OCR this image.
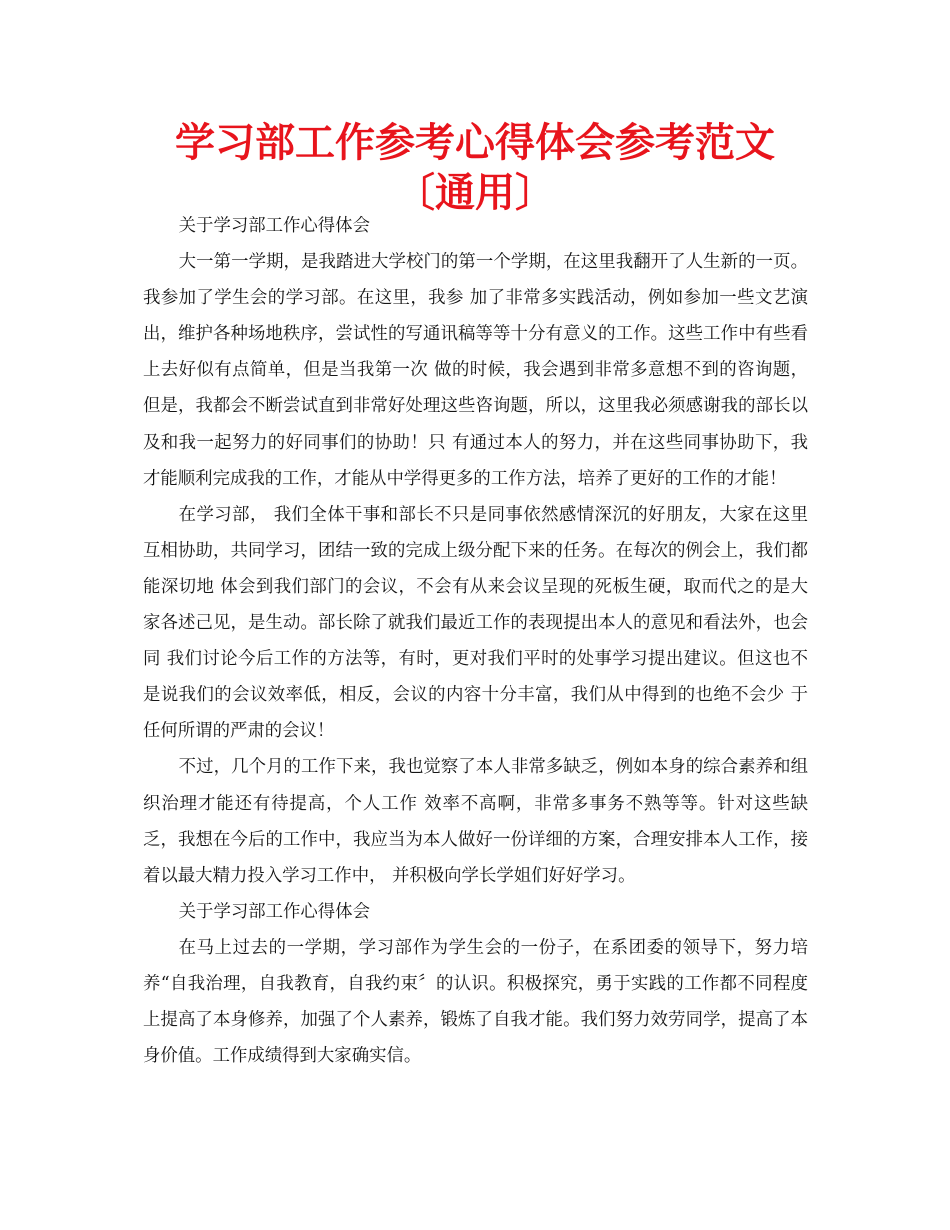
学习部工作参考心得体会参考范文〔通用〕

关于学习部工作心得体会

大一第一学期，是我踏进大学校门的第一个学期，在这里我翻开了人生新的一页。我参加了学生会的学习部。在这里，我参 加了非常多实践活动，例如参加一些文艺演出，维护各种场地秩序，尝试性的写通讯稿等等十分有意义的工作。这些工作中有些看上去好似有点简单，但是当我第一次 做的时候，我会遇到非常多意想不到的咨询题，但是，我都会不断尝试直到非常好处理这些咨询题，所以，这里我必须感谢我的部长以及和我一起努力的好同事们的协助！只 有通过本人的努力，并在这些同事协助下，我才能顺利完成我的工作，才能从中学得更多的工作方法，培养了更好的工作的才能！

在学习部， 我们全体干事和部长不只是同事依然感情深沉的好朋友，大家在这里互相协助，共同学习，团结一致的完成上级分配下来的任务。在每次的例会上，我们都能深切地 体会到我们部门的会议，不会有从来会议呈现的死板生硬，取而代之的是大家各述己见，是生动。部长除了就我们最近工作的表现提出本人的意见和看法外，也会同 我们讨论今后工作的方法等，有时，更对我们平时的处事学习提出建议。但这也不是说我们的会议效率低，相反，会议的内容十分丰富，我们从中得到的也绝不会少 于任何所谓的严肃的会议！

不过，几个月的工作下来，我也觉察了本人非常多缺乏，例如本身的综合素养和组织治理才能还有待提高，个人工作 效率不高啊，非常多事务不熟等等。针对这些缺乏，我想在今后的工作中，我应当为本人做好一份详细的方案，合理安排本人工作，接着以最大精力投入学习工作中， 并积极向学长学姐们好好学习。

关于学习部工作心得体会

在马上过去的一学期，学习部作为学生会的一份子，在系团委的领导下，努力培养“自我治理，自我教育，自我约束〞的认识。积极探究，勇于实践的工作都不同程度上提高了本身修养，加强了个人素养，锻炼了自我才能。我们努力效劳同学，提高了本身价值。工作成绩得到大家确实信。
